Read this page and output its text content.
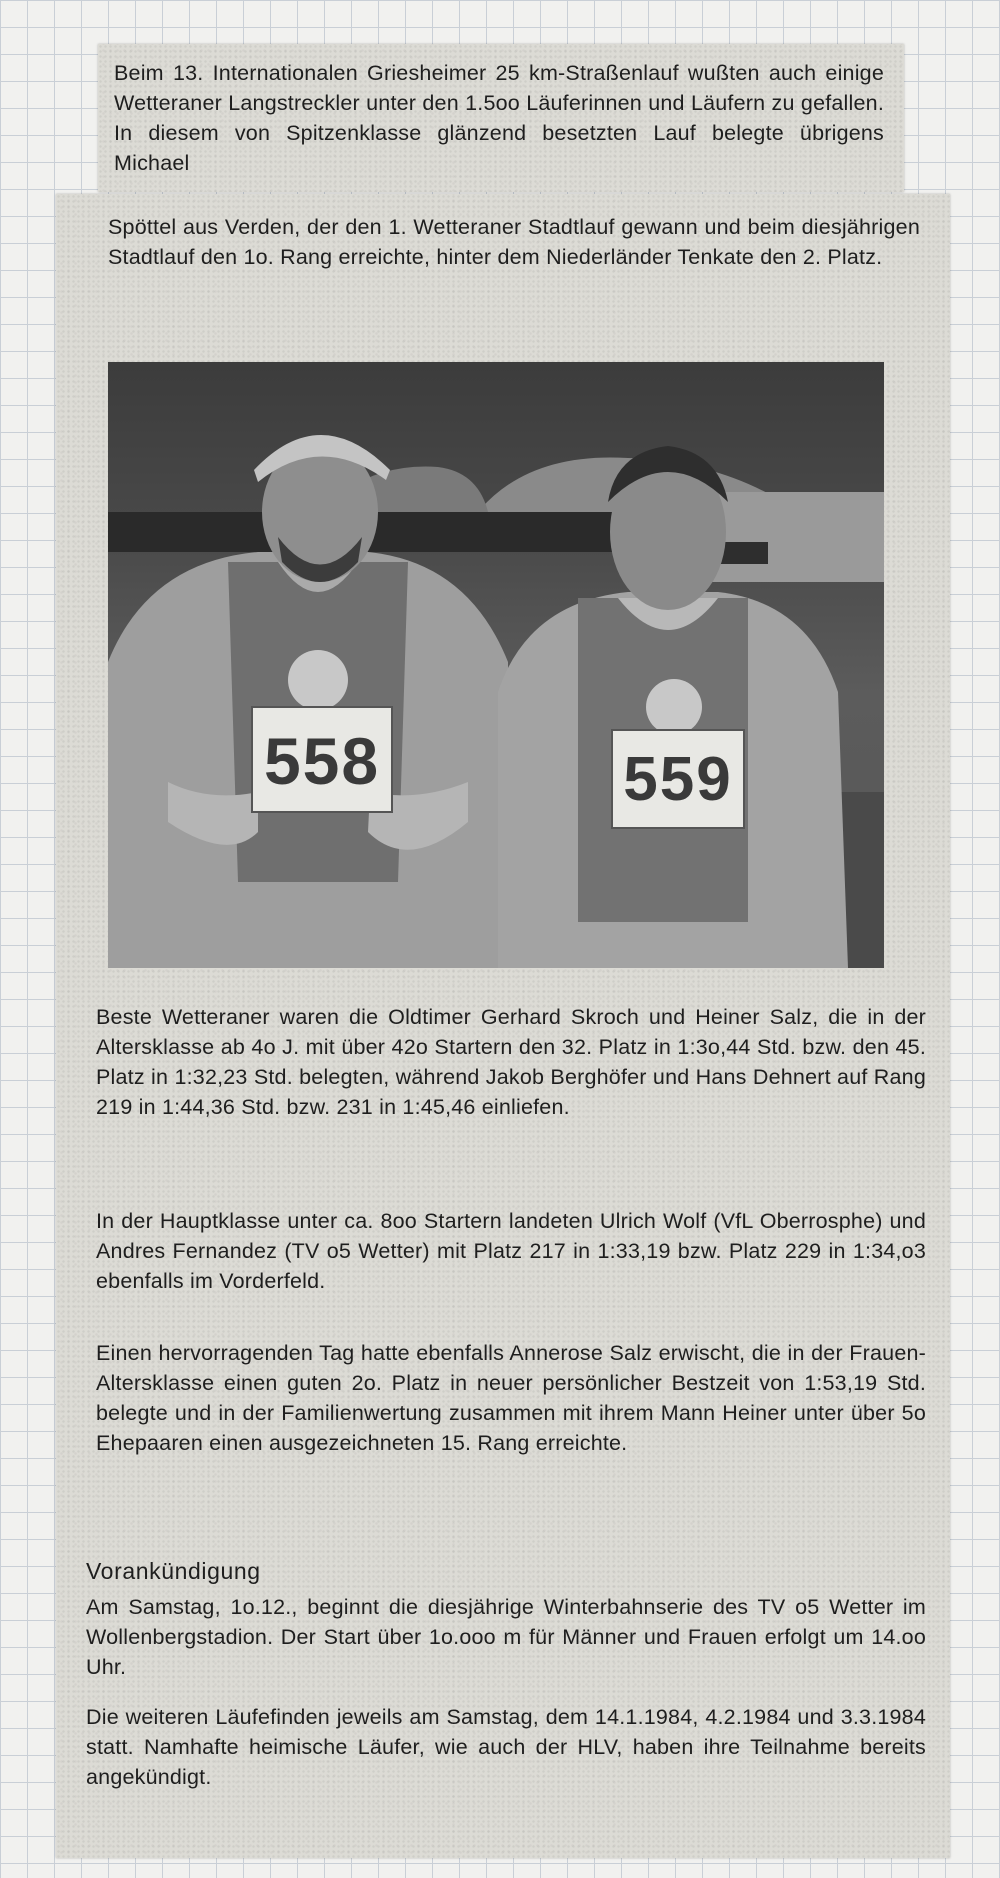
Beim 13. Internationalen Griesheimer 25 km-Straßenlauf wußten auch einige Wetteraner Langstreckler unter den 1.5oo Läuferinnen und Läufern zu gefallen. In diesem von Spitzenklasse glänzend besetzten Lauf belegte übrigens Michael

Spöttel aus Verden, der den 1. Wetteraner Stadtlauf gewann und beim diesjährigen Stadtlauf den 1o. Rang erreichte, hinter dem Niederländer Tenkate den 2. Platz.

558	559

Beste Wetteraner waren die Oldtimer Gerhard Skroch und Heiner Salz, die in der Altersklasse ab 4o J. mit über 42o Startern den 32. Platz in 1:3o,44 Std. bzw. den 45. Platz in 1:32,23 Std. belegten, während Jakob Berghöfer und Hans Dehnert auf Rang 219 in 1:44,36 Std. bzw. 231 in 1:45,46 einliefen.

In der Hauptklasse unter ca. 8oo Startern landeten Ulrich Wolf (VfL Oberrosphe) und Andres Fernandez (TV o5 Wetter) mit Platz 217 in 1:33,19 bzw. Platz 229 in 1:34,o3 ebenfalls im Vorderfeld.

Einen hervorragenden Tag hatte ebenfalls Annerose Salz erwischt, die in der Frauen-Altersklasse einen guten 2o. Platz in neuer persönlicher Bestzeit von 1:53,19 Std. belegte und in der Familienwertung zusammen mit ihrem Mann Heiner unter über 5o Ehepaaren einen ausgezeichneten 15. Rang erreichte.

Vorankündigung

Am Samstag, 1o.12., beginnt die diesjährige Winterbahnserie des TV o5 Wetter im Wollenbergstadion. Der Start über 1o.ooo m für Männer und Frauen erfolgt um 14.oo Uhr.

Die weiteren Läufefinden jeweils am Samstag, dem 14.1.1984, 4.2.1984 und 3.3.1984 statt. Namhafte heimische Läufer, wie auch der HLV, haben ihre Teilnahme bereits angekündigt.
